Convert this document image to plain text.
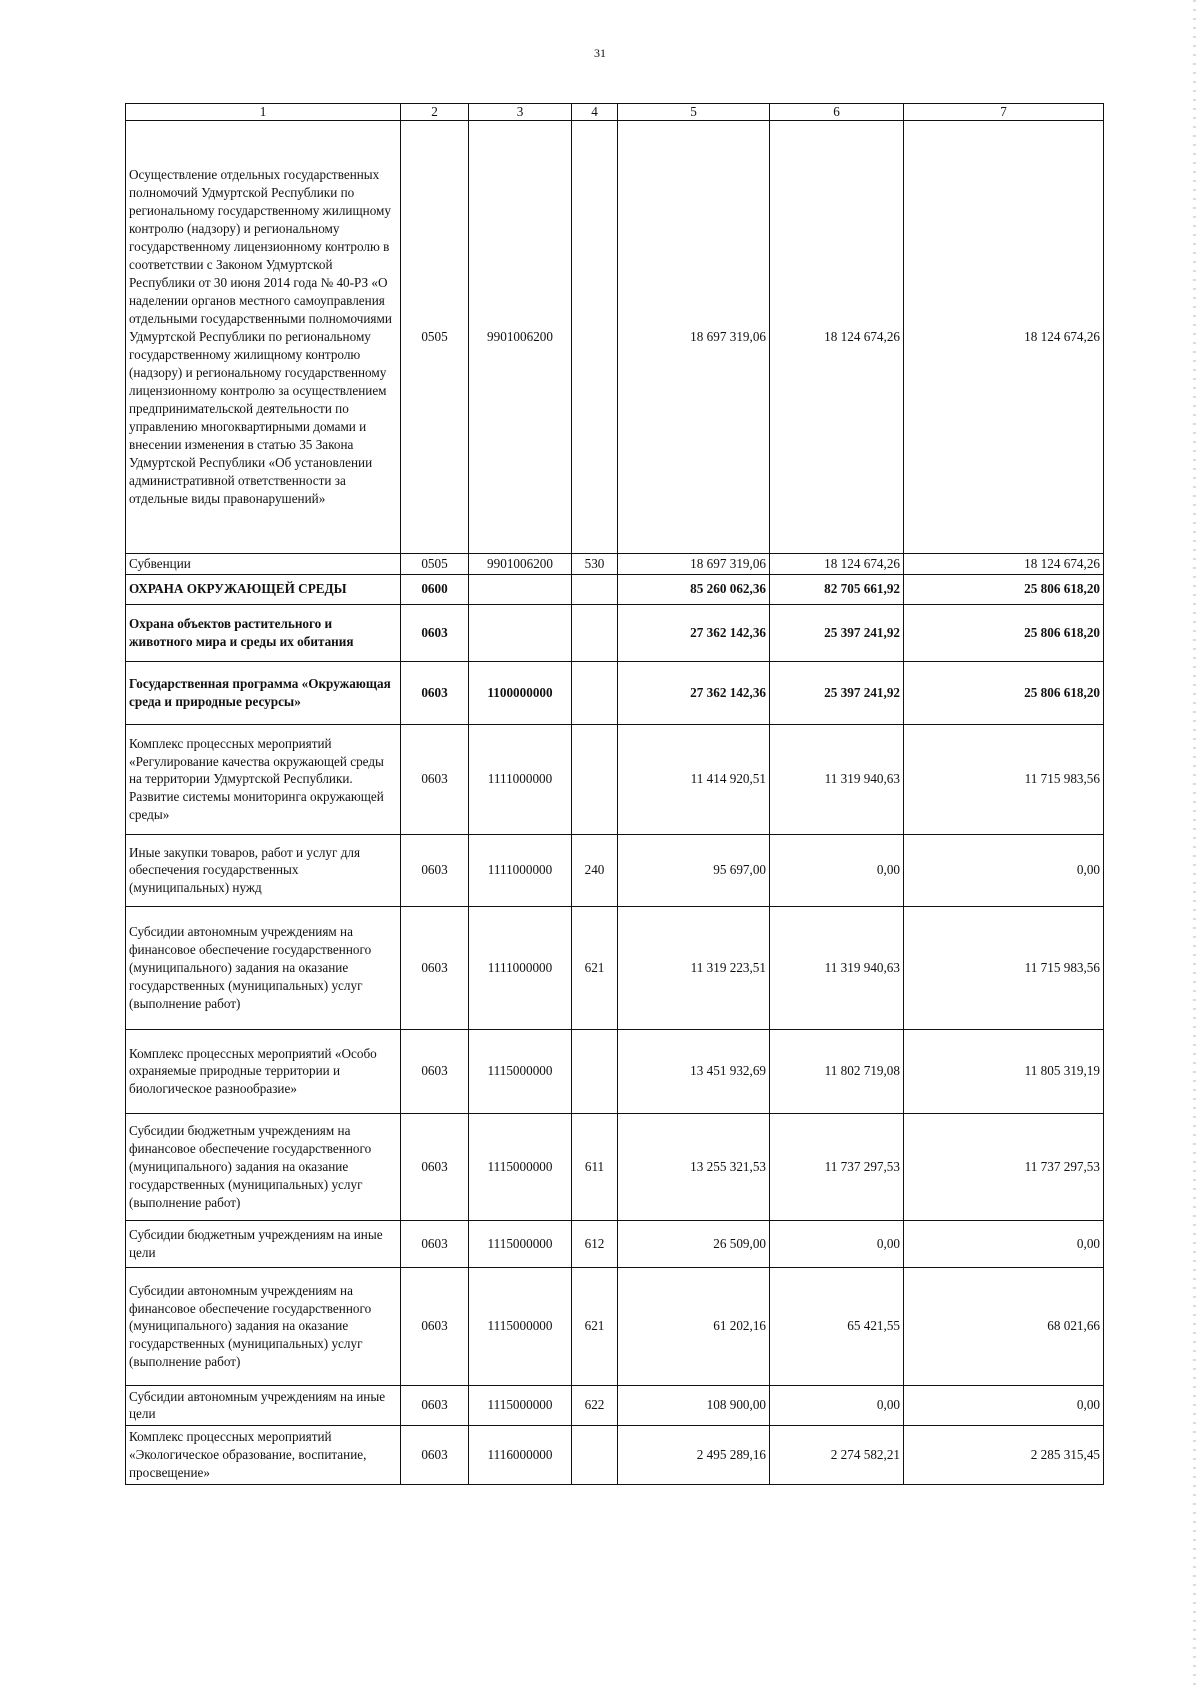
31
1	2	3	4	5	6	7
Осуществление отдельных государственных полномочий Удмуртской Республики по региональному государственному жилищному контролю (надзору) и региональному государственному лицензионному контролю в соответствии с Законом Удмуртской Республики от 30 июня 2014 года № 40-РЗ «О наделении органов местного самоуправления отдельными государственными полномочиями Удмуртской Республики по региональному государственному жилищному контролю (надзору) и региональному государственному лицензионному контролю за осуществлением предпринимательской деятельности по управлению многоквартирными домами и внесении изменения в статью 35 Закона Удмуртской Республики «Об установлении административной ответственности за отдельные виды правонарушений»	0505	9901006200		18 697 319,06	18 124 674,26	18 124 674,26
Субвенции	0505	9901006200	530	18 697 319,06	18 124 674,26	18 124 674,26
ОХРАНА ОКРУЖАЮЩЕЙ СРЕДЫ	0600			85 260 062,36	82 705 661,92	25 806 618,20
Охрана объектов растительного и животного мира и среды их обитания	0603			27 362 142,36	25 397 241,92	25 806 618,20
Государственная программа «Окружающая среда и природные ресурсы»	0603	1100000000		27 362 142,36	25 397 241,92	25 806 618,20
Комплекс процессных мероприятий «Регулирование качества окружающей среды на территории Удмуртской Республики. Развитие системы мониторинга окружающей среды»	0603	1111000000		11 414 920,51	11 319 940,63	11 715 983,56
Иные закупки товаров, работ и услуг для обеспечения государственных (муниципальных) нужд	0603	1111000000	240	95 697,00	0,00	0,00
Субсидии автономным учреждениям на финансовое обеспечение государственного (муниципального) задания на оказание государственных (муниципальных) услуг (выполнение работ)	0603	1111000000	621	11 319 223,51	11 319 940,63	11 715 983,56
Комплекс процессных мероприятий «Особо охраняемые природные территории и биологическое разнообразие»	0603	1115000000		13 451 932,69	11 802 719,08	11 805 319,19
Субсидии бюджетным учреждениям на финансовое обеспечение государственного (муниципального) задания на оказание государственных (муниципальных) услуг (выполнение работ)	0603	1115000000	611	13 255 321,53	11 737 297,53	11 737 297,53
Субсидии бюджетным учреждениям на иные цели	0603	1115000000	612	26 509,00	0,00	0,00
Субсидии автономным учреждениям на финансовое обеспечение государственного (муниципального) задания на оказание государственных (муниципальных) услуг (выполнение работ)	0603	1115000000	621	61 202,16	65 421,55	68 021,66
Субсидии автономным учреждениям на иные цели	0603	1115000000	622	108 900,00	0,00	0,00
Комплекс процессных мероприятий «Экологическое образование, воспитание, просвещение»	0603	1116000000		2 495 289,16	2 274 582,21	2 285 315,45
